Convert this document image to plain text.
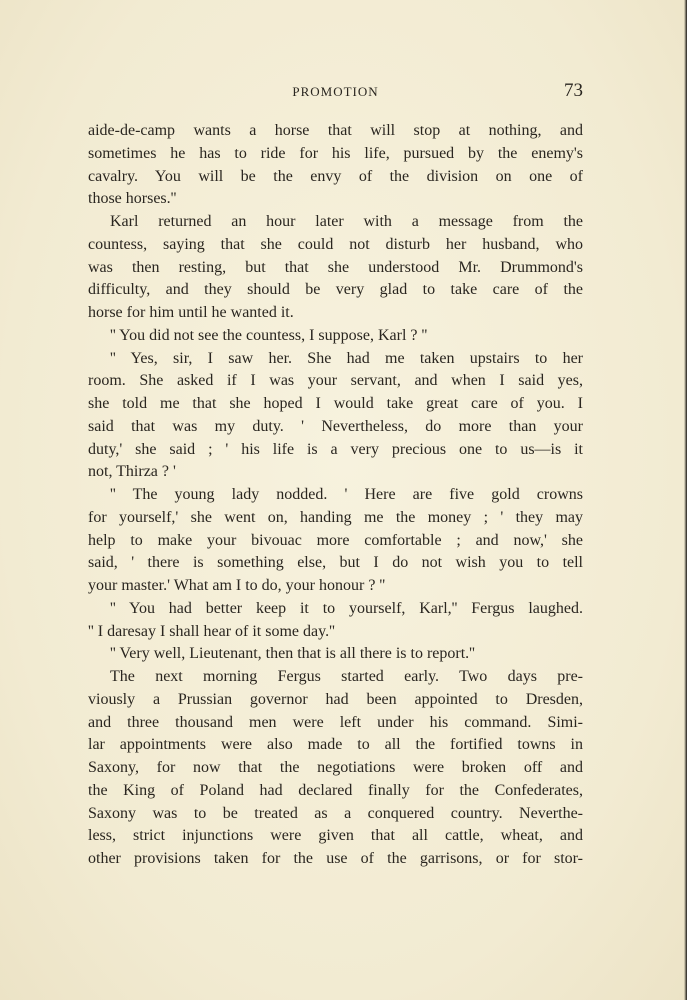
PROMOTION	73

aide-de-camp wants a horse that will stop at nothing, and

sometimes he has to ride for his life, pursued by the enemy's

cavalry. You will be the envy of the division on one of

those horses.''

Karl returned an hour later with a message from the

countess, saying that she could not disturb her husband, who

was then resting, but that she understood Mr. Drummond's

difficulty, and they should be very glad to take care of the

horse for him until he wanted it.

'' You did not see the countess, I suppose, Karl ? ''

'' Yes, sir, I saw her. She had me taken upstairs to her

room. She asked if I was your servant, and when I said yes,

she told me that she hoped I would take great care of you. I

said that was my duty. ' Nevertheless, do more than your

duty,' she said ; ' his life is a very precious one to us—is it

not, Thirza ? '

'' The young lady nodded. ' Here are five gold crowns

for yourself,' she went on, handing me the money ; ' they may

help to make your bivouac more comfortable ; and now,' she

said, ' there is something else, but I do not wish you to tell

your master.' What am I to do, your honour ? ''

'' You had better keep it to yourself, Karl,'' Fergus laughed.

'' I daresay I shall hear of it some day.''

'' Very well, Lieutenant, then that is all there is to report.''

The next morning Fergus started early. Two days pre-

viously a Prussian governor had been appointed to Dresden,

and three thousand men were left under his command. Simi-

lar appointments were also made to all the fortified towns in

Saxony, for now that the negotiations were broken off and

the King of Poland had declared finally for the Confederates,

Saxony was to be treated as a conquered country. Neverthe-

less, strict injunctions were given that all cattle, wheat, and

other provisions taken for the use of the garrisons, or for stor-
